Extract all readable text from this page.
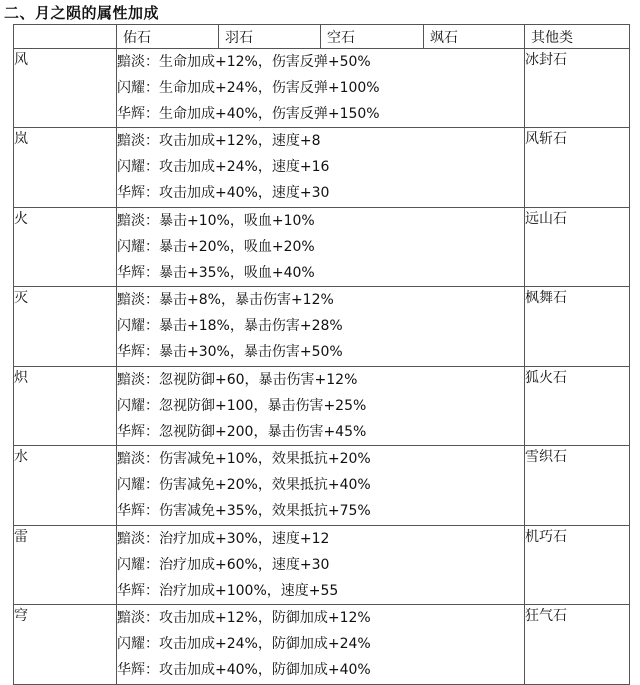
二、月之陨的属性加成
	佑石	羽石	空石	飒石	其他类
风	黯淡：生命加成+12%，伤害反弹+50%
闪耀：生命加成+24%，伤害反弹+100%
华辉：生命加成+40%，伤害反弹+150%				冰封石
岚	黯淡：攻击加成+12%，速度+8
闪耀：攻击加成+24%，速度+16
华辉：攻击加成+40%，速度+30				风斩石
火	黯淡：暴击+10%，吸血+10%
闪耀：暴击+20%，吸血+20%
华辉：暴击+35%，吸血+40%				远山石
灭	黯淡：暴击+8%，暴击伤害+12%
闪耀：暴击+18%，暴击伤害+28%
华辉：暴击+30%，暴击伤害+50%				枫舞石
炽	黯淡：忽视防御+60，暴击伤害+12%
闪耀：忽视防御+100，暴击伤害+25%
华辉：忽视防御+200，暴击伤害+45%				狐火石
水	黯淡：伤害减免+10%，效果抵抗+20%
闪耀：伤害减免+20%，效果抵抗+40%
华辉：伤害减免+35%，效果抵抗+75%				雪织石
雷	黯淡：治疗加成+30%，速度+12
闪耀：治疗加成+60%，速度+30
华辉：治疗加成+100%，速度+55				机巧石
穹	黯淡：攻击加成+12%，防御加成+12%
闪耀：攻击加成+24%，防御加成+24%
华辉：攻击加成+40%，防御加成+40%				狂气石
